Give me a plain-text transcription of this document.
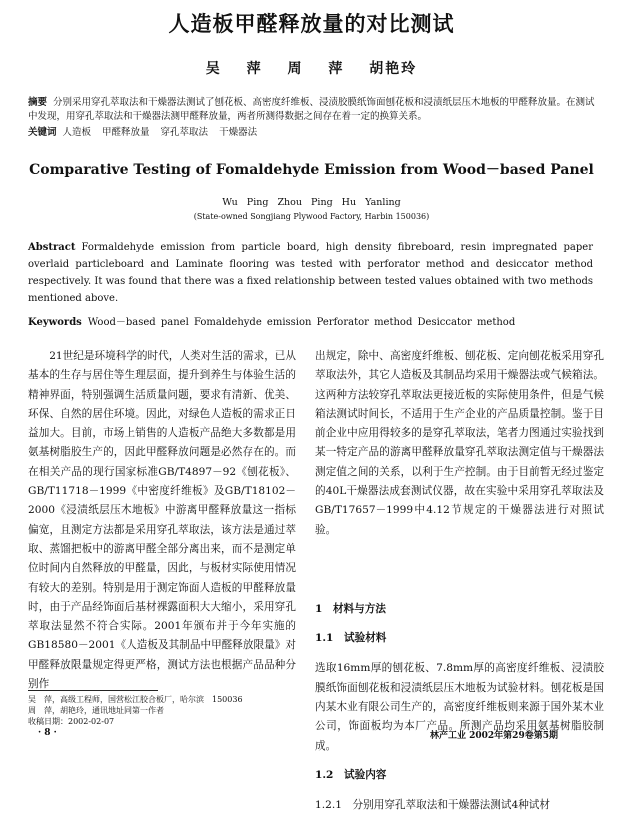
人造板甲醛释放量的对比测试
吴 萍 周 萍 胡艳玲
摘要 分别采用穿孔萃取法和干燥器法测试了刨花板、高密度纤维板、浸渍胶膜纸饰面刨花板和浸渍纸层压木地板的甲醛释放量。在测试中发现，用穿孔萃取法和干燥器法测甲醛释放量，两者所测得数据之间存在着一定的换算关系。
关键词 人造板 甲醛释放量 穿孔萃取法 干燥器法
Comparative Testing of Fomaldehyde Emission from Wood－based Panel
Wu Ping Zhou Ping Hu Yanling
(State-owned Songjiang Plywood Factory, Harbin 150036)
Abstract Formaldehyde emission from particle board, high density fibreboard, resin impregnated paper overlaid particleboard and Laminate flooring was tested with perforator method and desiccator method respectively. It was found that there was a fixed relationship between tested values obtained with two methods mentioned above.
Keywords Wood－based panel Fomaldehyde emission Perforator method Desiccator method

21世纪是环境科学的时代，人类对生活的需求，已从基本的生存与居住等生理层面，提升到养生与体验生活的精神界面，特别强调生活质量问题，要求有清新、优美、环保、自然的居住环境。因此，对绿色人造板的需求正日益加大。目前，市场上销售的人造板产品绝大多数都是用氨基树脂胶生产的，因此甲醛释放问题是必然存在的。而在相关产品的现行国家标准GB/T4897－92《刨花板》、GB/T11718－1999《中密度纤维板》及GB/T18102－2000《浸渍纸层压木地板》中游离甲醛释放量这一指标偏宽，且测定方法都是采用穿孔萃取法，该方法是通过萃取、蒸馏把板中的游离甲醛全部分离出来，而不是测定单位时间内自然释放的甲醛量，因此，与板材实际使用情况有较大的差别。特别是用于测定饰面人造板的甲醛释放量时，由于产品经饰面后基材裸露面积大大缩小，采用穿孔萃取法显然不符合实际。2001年颁布并于今年实施的GB18580－2001《人造板及其制品中甲醛释放限量》对甲醛释放限量规定得更严格，测试方法也根据产品品种分别作

出规定，除中、高密度纤维板、刨花板、定向刨花板采用穿孔萃取法外，其它人造板及其制品均采用干燥器法或气候箱法。这两种方法较穿孔萃取法更接近板的实际使用条件，但是气候箱法测试时间长，不适用于生产企业的产品质量控制。鉴于目前企业中应用得较多的是穿孔萃取法，笔者力图通过实验找到某一特定产品的游离甲醛释放量穿孔萃取法测定值与干燥器法测定值之间的关系，以利于生产控制。由于目前暂无经过鉴定的40L干燥器法成套测试仪器，故在实验中采用穿孔萃取法及GB/T17657－1999中4.12节规定的干燥器法进行对照试验。

1　材料与方法

1.1　试验材料

选取16mm厚的刨花板、7.8mm厚的高密度纤维板、浸渍胶膜纸饰面刨花板和浸渍纸层压木地板为试验材料。刨花板是国内某木业有限公司生产的，高密度纤维板则来源于国外某木业公司，饰面板均为本厂产品。所测产品均采用氨基树脂胶制成。

1.2　试验内容

1.2.1　分别用穿孔萃取法和干燥器法测试4种试材

吴　萍，高级工程师，国营松江胶合板厂，哈尔滨　150036
周　萍，胡艳玲，通讯地址同第一作者
收稿日期：2002-02-07
· 8 ·	林产工业 2002年第29卷第5期
